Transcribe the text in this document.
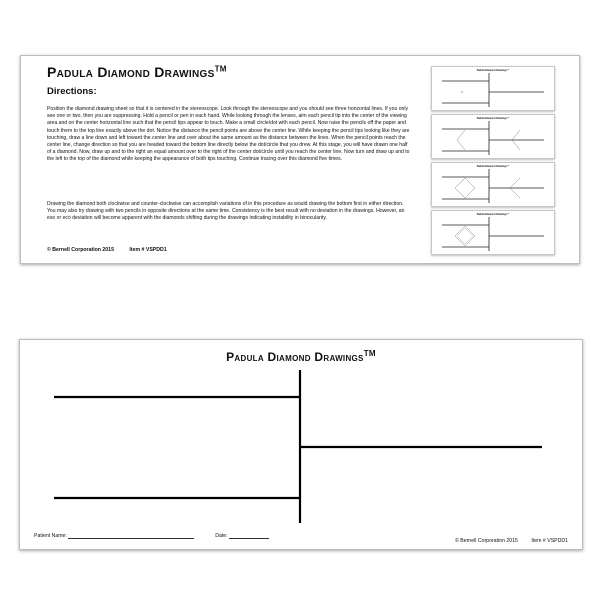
Padula Diamond Drawings™
Directions:

Position the diamond drawing sheet so that it is centered in the stereoscope. Look through the stereoscope and you should see three horizontal lines. If you only see one or two, then you are suppressing. Hold a pencil or pen in each hand. While looking through the lenses, aim each pencil tip into the center of the viewing area and on the center horizontal line such that the pencil tips appear to touch. Make a small circle/dot with each pencil. Now raise the pencils off the paper and touch them to the top line exactly above the dot. Notice the distance the pencil points are above the center line. While keeping the pencil tips looking like they are touching, draw a line down and left toward the center line and over about the same amount as the distance between the lines. When the pencil points reach the center line, change direction so that you are headed toward the bottom line directly below the dot/circle that you drew. At this stage, you will have drawn one half of a diamond. Now, draw up and to the right an equal amount over to the right of the center dot/circle until you reach the center line. Now turn and draw up and to the left to the top of the diamond while keeping the appearance of both tips touching. Continue tracing over this diamond five times.

Drawing the diamond both clockwise and counter-clockwise can accomplish variations of in this procedure as would drawing the bottom first in either direction. You may also try drawing with two pencils in opposite directions at the same time. Consistency is the best result with no deviation in the drawings. However, an eso or eco deviation will become apparent with the diamonds shifting during the drawings indicating instability in binocularity.

© Bernell Corporation 2015	Item # VSPDD1
Padula Diamond Drawings™
Padula Diamond Drawings™
Padula Diamond Drawings™
Padula Diamond Drawings™
Padula Diamond Drawings™
Patient Name:	Date:
© Bernell Corporation 2015	Item # VSPDD1
